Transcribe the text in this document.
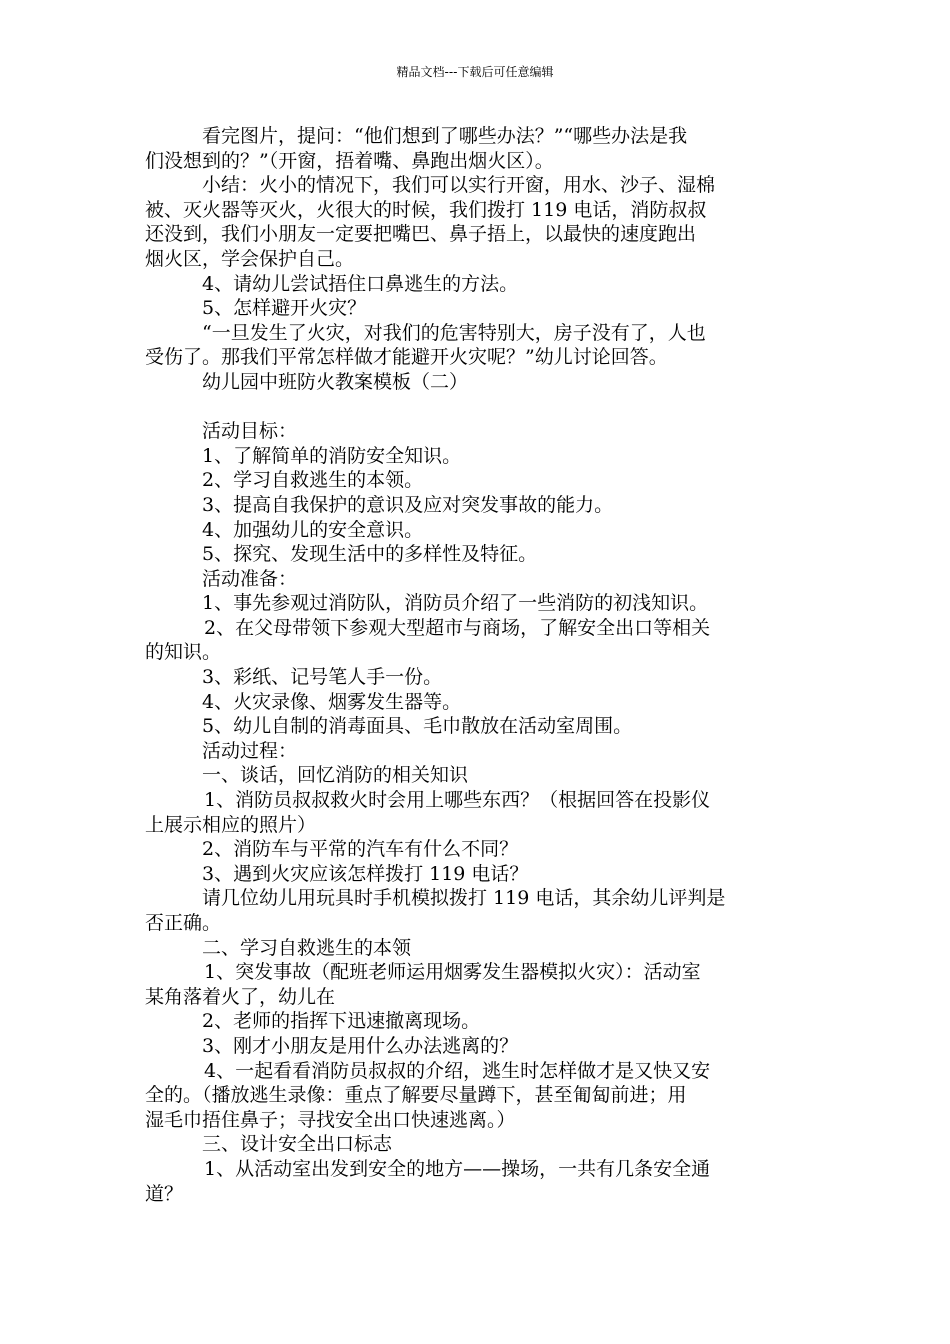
精品文档---下载后可任意编辑
看完图片，提问：“他们想到了哪些办法？”“哪些办法是我
们没想到的？”（开窗，捂着嘴、鼻跑出烟火区）。
小结：火小的情况下，我们可以实行开窗，用水、沙子、湿棉
被、灭火器等灭火，火很大的时候，我们拨打 119 电话，消防叔叔
还没到，我们小朋友一定要把嘴巴、鼻子捂上，以最快的速度跑出
烟火区，学会保护自己。
4、请幼儿尝试捂住口鼻逃生的方法。
5、怎样避开火灾？
“一旦发生了火灾，对我们的危害特别大，房子没有了，人也
受伤了。那我们平常怎样做才能避开火灾呢？”幼儿讨论回答。
幼儿园中班防火教案模板（二）
活动目标：
1、了解简单的消防安全知识。
2、学习自救逃生的本领。
3、提高自我保护的意识及应对突发事故的能力。
4、加强幼儿的安全意识。
5、探究、发现生活中的多样性及特征。
活动准备：
1、事先参观过消防队，消防员介绍了一些消防的初浅知识。
2、在父母带领下参观大型超市与商场，了解安全出口等相关
的知识。
3、彩纸、记号笔人手一份。
4、火灾录像、烟雾发生器等。
5、幼儿自制的消毒面具、毛巾散放在活动室周围。
活动过程：
一、谈话，回忆消防的相关知识
1、消防员叔叔救火时会用上哪些东西？（根据回答在投影仪
上展示相应的照片）
2、消防车与平常的汽车有什么不同？
3、遇到火灾应该怎样拨打 119 电话？
请几位幼儿用玩具时手机模拟拨打 119 电话，其余幼儿评判是
否正确。
二、学习自救逃生的本领
1、突发事故（配班老师运用烟雾发生器模拟火灾）：活动室
某角落着火了，幼儿在
2、老师的指挥下迅速撤离现场。
3、刚才小朋友是用什么办法逃离的？
4、一起看看消防员叔叔的介绍，逃生时怎样做才是又快又安
全的。（播放逃生录像：重点了解要尽量蹲下，甚至匍匐前进；用
湿毛巾捂住鼻子；寻找安全出口快速逃离。）
三、设计安全出口标志
1、从活动室出发到安全的地方——操场，一共有几条安全通
道？
